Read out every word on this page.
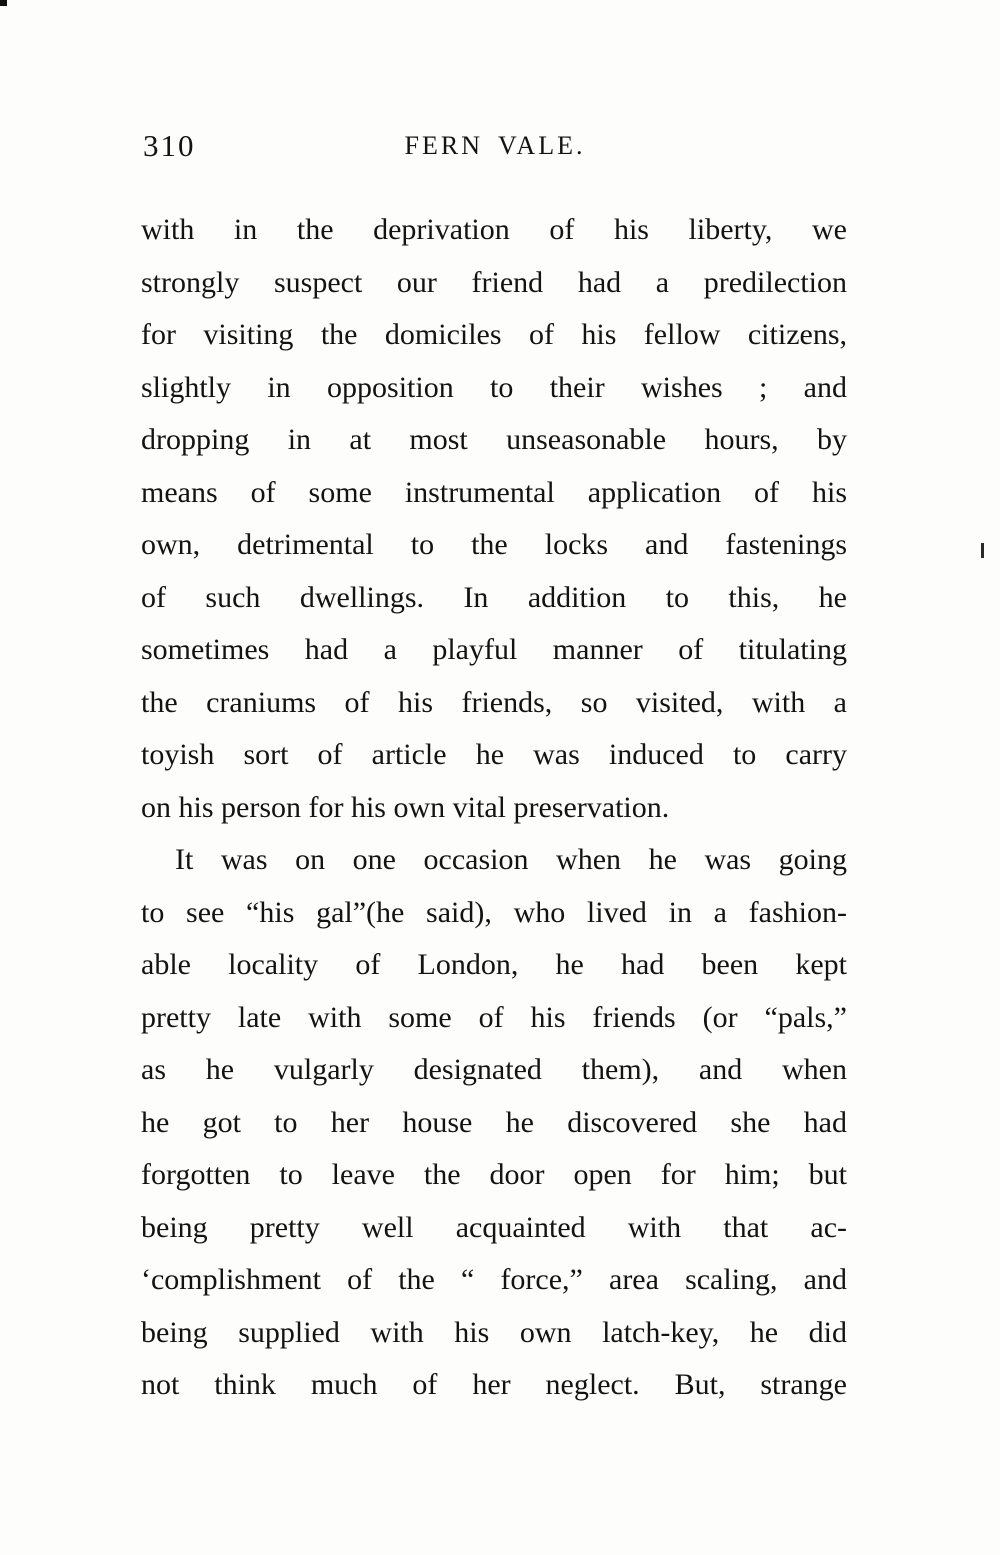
310	FERN VALE.
with in the deprivation of his liberty, we
strongly suspect our friend had a predilection
for visiting the domiciles of his fellow citizens,
slightly in opposition to their wishes ; and
dropping in at most unseasonable hours, by
means of some instrumental application of his
own, detrimental to the locks and fastenings
of such dwellings. In addition to this, he
sometimes had a playful manner of titulating
the craniums of his friends, so visited, with a
toyish sort of article he was induced to carry
on his person for his own vital preservation.
It was on one occasion when he was going
to see “his gal”(he said), who lived in a fashion-
able locality of London, he had been kept
pretty late with some of his friends (or “pals,”
as he vulgarly designated them), and when
he got to her house he discovered she had
forgotten to leave the door open for him; but
being pretty well acquainted with that ac-
‘complishment of the “ force,” area scaling, and
being supplied with his own latch-key, he did
not think much of her neglect. But, strange
